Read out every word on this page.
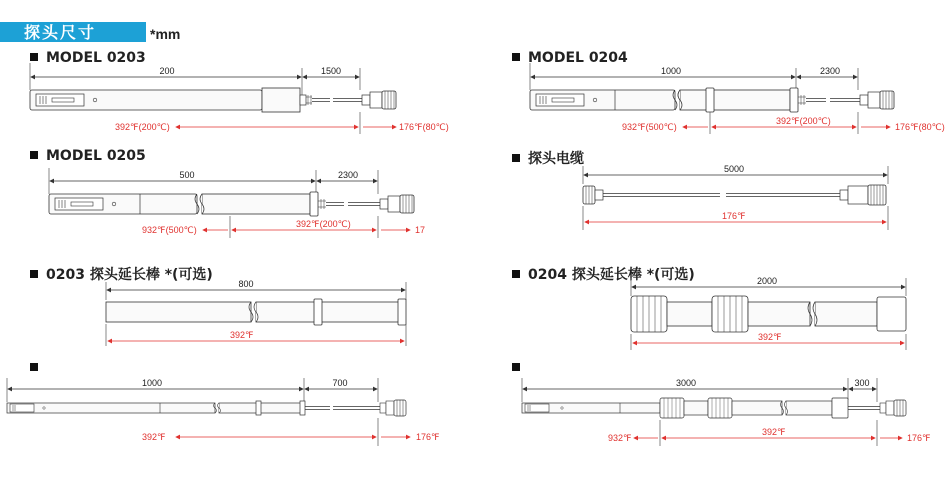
探头尺寸	*mm
MODEL 0203	MODEL 0204
MODEL 0205	探头电缆
0203 探头延长棒 *(可选)	0204 探头延长棒 *(可选)
200	1500
392℉(200℃)	176℉(80℃)
1000	2300
932℉(500℃)
392℉(200℃)
176℉(80℃)
500	2300
932℉(500℃)
392℉(200℃)
17
5000
176℉
800
392℉
2000
392℉
1000	700
392℉	176℉
3000	300
932℉
392℉
176℉
